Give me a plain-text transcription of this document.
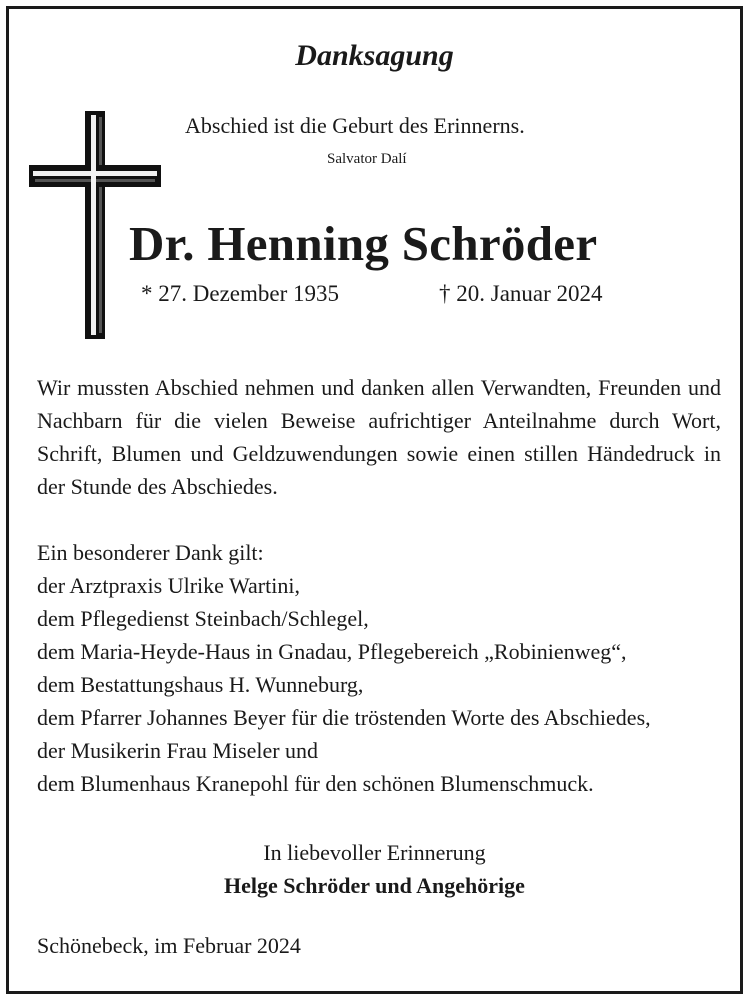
Danksagung
Abschied ist die Geburt des Erinnerns.
Salvator Dalí
Dr. Henning Schröder
* 27. Dezember 1935	† 20. Januar 2024

Wir mussten Abschied nehmen und danken allen Verwandten, Freunden und Nachbarn für die vielen Beweise aufrichtiger Anteilnahme durch Wort, Schrift, Blumen und Geldzuwendungen sowie einen stillen Händedruck in der Stunde des Abschiedes.

Ein besonderer Dank gilt:
der Arztpraxis Ulrike Wartini,
dem Pflegedienst Steinbach/Schlegel,
dem Maria-Heyde-Haus in Gnadau, Pflegebereich „Robinienweg“,
dem Bestattungshaus H. Wunneburg,
dem Pfarrer Johannes Beyer für die tröstenden Worte des Abschiedes,
der Musikerin Frau Miseler und
dem Blumenhaus Kranepohl für den schönen Blumenschmuck.
In liebevoller Erinnerung
Helge Schröder und Angehörige
Schönebeck, im Februar 2024
